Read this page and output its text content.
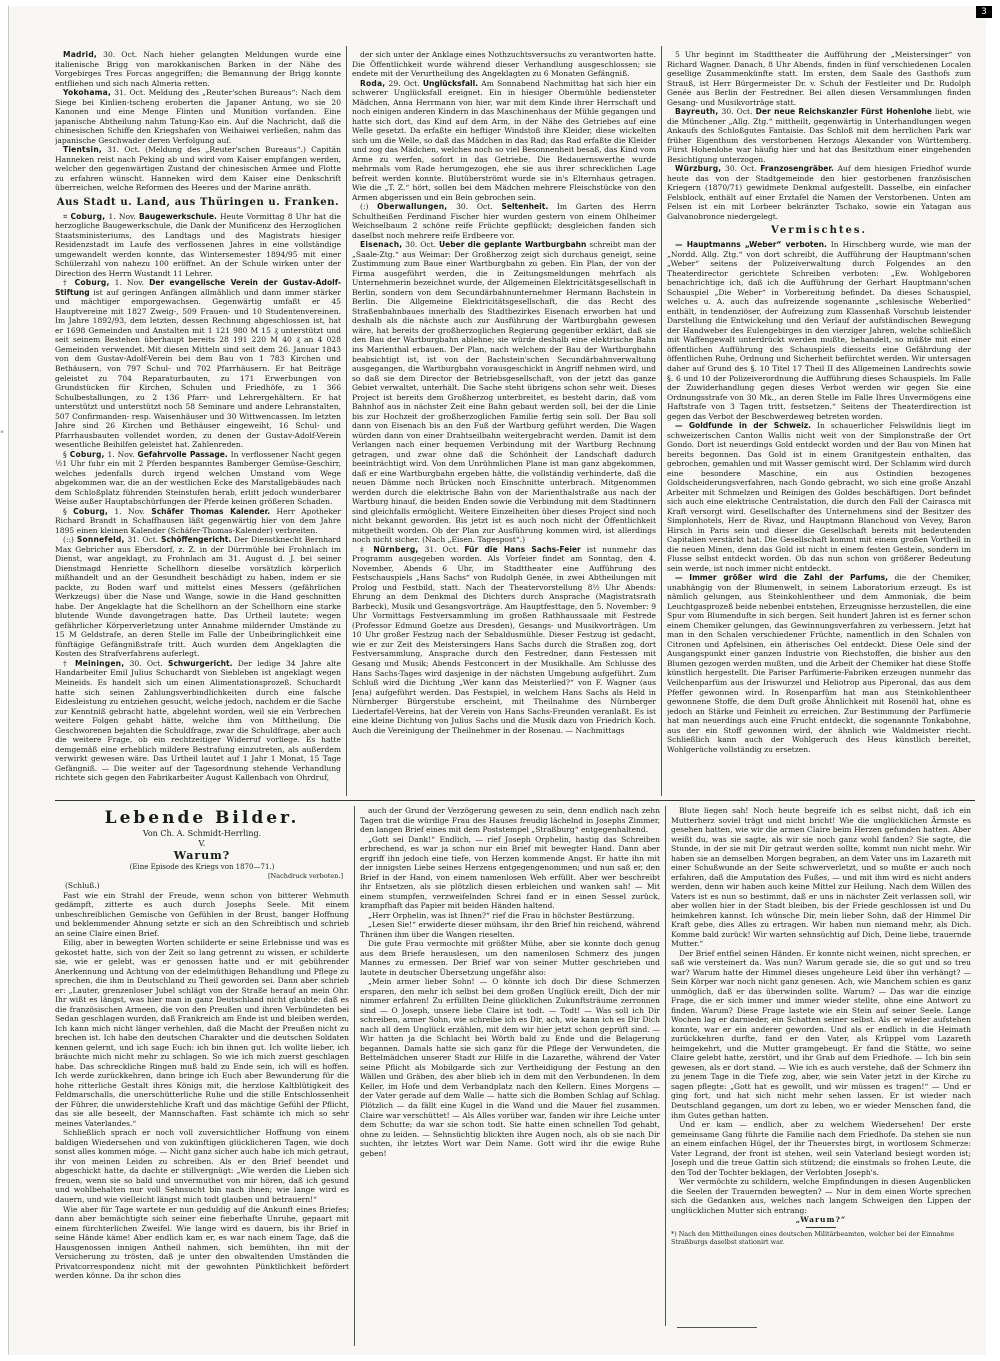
Madrid, 30. Oct. Nach hieher gelangten Meldungen wurde eine italienische Brigg von marokkanischen Barken in der Nähe des Vorgebirges Tres Forcas angegriffen; die Bemannung der Brigg konnte entfliehen und sich nach Almeria retten.

Yokohama, 31. Oct. Meldung des „Reuter'schen Bureaus“: Nach dem Siege bei Kinlien-tscheng eroberten die Japaner Antung, wo sie 20 Kanonen und eine Menge Flinten und Munition vorfanden. Eine japanische Abtheilung nahm Tatung-Kao ein. Auf die Nachricht, daß die chinesischen Schiffe den Kriegshafen von Weihaiwei verließen, nahm das japanische Geschwader deren Verfolgung auf.

Tientsin, 31. Oct. (Meldung des „Reuter'schen Bureaus“.) Capitän Hanneken reist nach Peking ab und wird vom Kaiser empfangen werden, welcher den gegenwärtigen Zustand der chinesischen Armee und Flotte zu erfahren wünscht. Hanneken wird dem Kaiser eine Denkschrift überreichen, welche Reformen des Heeres und der Marine anräth.

Aus Stadt u. Land, aus Thüringen u. Franken.

⌗ Coburg, 1. Nov. Baugewerkschule. Heute Vormittag 8 Uhr hat die herzogliche Baugewerkschule, die Dank der Munificenz des Herzoglichen Staatsministeriums, des Landtags und des Magistrats hiesiger Residenzstadt im Laufe des verflossenen Jahres in eine vollständige umgewandelt werden konnte, das Wintersemester 1894/95 mit einer Schülerzahl von nahezu 100 eröffnet. An der Schule wirken unter der Direction des Herrn Wustandt 11 Lehrer.

† Coburg, 1. Nov. Der evangelische Verein der Gustav-Adolf-Stiftung ist auf geringen Anfängen allmählich und dann immer stärker und mächtiger emporgewachsen. Gegenwärtig umfaßt er 45 Hauptvereine mit 1827 Zweig-, 509 Frauen- und 10 Studentenvereinen. Im Jahre 1892/93, dem letzten, dessen Rechnung abgeschlossen ist, hat er 1698 Gemeinden und Anstalten mit 1 121 980 M 15 ₰ unterstützt und seit seinem Bestehen überhaupt bereits 28 191 220 M 40 ₰ an 4 028 Gemeinden verwendet. Mit diesen Mitteln sind seit dem 26. Januar 1843 von dem Gustav-Adolf-Verein bei dem Bau von 1 783 Kirchen und Bethäusern, von 797 Schul- und 702 Pfarrhäusern. Er hat Beiträge geleistet zu 704 Reparaturbauten, zu 171 Erwerbungen von Grundstücken für Kirchen, Schulen und Friedhöfe, zu 1 366 Schulbestallungen, zu 2 136 Pfarr- und Lehrergehältern. Er hat unterstützt und unterstützt noch 58 Seminare und andere Lehranstalten, 507 Confirmanden- resp. Waisenhäuser und 30 Wittwencassen. Im letzten Jahre sind 26 Kirchen und Bethäuser eingeweiht, 16 Schul- und Pfarrhausbauten vollendet worden, zu denen der Gustav-Adolf-Verein wesentliche Beihilfen geleistet hat. Zahlenreden.

§ Coburg, 1. Nov. Gefahrvolle Passage. In verflossener Nacht gegen ½1 Uhr fuhr ein mit 2 Pferden bespanntes Bamberger Gemüse-Geschirr, welches jedenfalls durch irgend welchen Umstand vom Wege abgekommen war, die an der westlichen Ecke des Marstallgebäudes nach dem Schloßplatz führenden Steinstufen herab, erlitt jedoch wunderbarer Weise außer Hauptabschürfungen der Pferde keinen größeren Schaden.

§ Coburg, 1. Nov. Schäfer Thomas Kalender. Herr Apotheker Richard Brandt in Schaffhausen läßt gegenwärtig hier von dem Jahre 1895 einen kleinen Kalender (Schäfer-Thomas-Kalender) verbreiten.

(::) Sonnefeld, 31. Oct. Schöffengericht. Der Dienstknecht Bernhard Max Gebricher aus Ebersdorf, z. Z. in der Dürrmühle bei Frohnlach im Dienst, war angeklagt, zu Frohnlach am 31. August d. J. bei seiner Dienstmagd Henriette Schellhorn dieselbe vorsätzlich körperlich mißhandelt und an der Gesundheit beschädigt zu haben, indem er sie packte, zu Boden warf und mittelst eines Messers (gefährlichen Werkzeugs) über die Nase und Wange, sowie in die Hand geschnitten habe. Der Angeklagte hat die Schellhorn an der Schellhorn eine starke blutende Wunde davongetragen hatte. Das Urtheil lautete: wegen gefährlicher Körperverletzung unter Annahme mildernder Umstände zu 15 M Geldstrafe, an deren Stelle im Falle der Unbeibringlichkeit eine fünftägige Gefängnißstrafe tritt. Auch wurden dem Angeklagten die Kosten des Strafverfahrens auferlegt.

† Meiningen, 30. Oct. Schwurgericht. Der ledige 34 Jahre alte Handarbeiter Emil Julius Schuchardt von Siebleben ist angeklagt wegen Meineids. Es handelt sich um einen Alimentationsprozeß. Schuchardt hatte sich seinen Zahlungsverbindlichkeiten durch eine falsche Eidesleistung zu entziehen gesucht, welche jedoch, nachdem er die Sache zur Kenntniß gebracht hatte, abgelehnt worden, weil sie ein Verbrechen weitere Folgen gehabt hätte, welche ihm von Mittheilung. Die Geschworenen bejahten die Schuldfrage, zwar die Schuldfrage, aber auch die weitere Frage, ob ein rechtzeitiger Widerruf vorliege. Es hatte demgemäß eine erheblich mildere Bestrafung einzutreten, als außerdem verwirkt gewesen wäre. Das Urtheil lautet auf 1 Jahr 1 Monat, 15 Tage Gefängniß. — Die weiter auf der Tagesordnung stehende Verhandlung richtete sich gegen den Fabrikarbeiter August Kallenbach von Ohrdruf,

der sich unter der Anklage eines Nothzuchtsversuchs zu verantworten hatte. Die Öffentlichkeit wurde während dieser Verhandlung ausgeschlossen; sie endete mit der Verurtheilung des Angeklagten zu 6 Monaten Gefängniß.

Roda, 29. Oct. Unglücksfall. Am Sonnabend Nachmittag hat sich hier ein schwerer Unglücksfall ereignet. Ein in hiesiger Obermühle bediensteter Mädchen, Anna Herrmann von hier, war mit dem Kinde ihrer Herrschaft und noch einigen anderen Kindern in das Maschinenhaus der Mühle gegangen und hatte sich dort, das Kind auf dem Arm, in der Nähe des Getriebes auf eine Welle gesetzt. Da erfaßte ein heftiger Windstoß ihre Kleider, diese wickelten sich um die Welle, so daß das Mädchen in das Rad; das Rad erfaßte die Kleider und zog das Mädchen, welches noch so viel Besonnenheit besaß, das Kind vom Arme zu werfen, sofort in das Getriebe. Die Bedauernswerthe wurde mehrmals vom Rade herumgezogen, ehe sie aus ihrer schrecklichen Lage befreit werden konnte. Blutüberströmt wurde sie in's Elternhaus getragen. Wie die „T. Z.“ hört, sollen bei dem Mädchen mehrere Fleischstücke von den Armen abgerissen und ein Bein gebrochen sein.

(:) Oberwallungen, 30. Oct. Seltenheit. Im Garten des Herrn Schultheißen Ferdinand Fischer hier wurden gestern von einem Ohlheimer Weichselbaum 2 schöne reife Früchte gepflückt; desgleichen fanden sich daselbst noch mehrere reife Erdbeere vor.

Eisenach, 30. Oct. Ueber die geplante Wartburgbahn schreibt man der „Saale-Ztg.“ aus Weimar: Der Großherzog zeigt sich durchaus geneigt, seine Zustimmung zum Baue einer Wartburgbahn zu geben. Ein Plan, der von der Firma ausgeführt werden, die in Zeitungsmeldungen mehrfach als Unternehmerin bezeichnet wurde, der Allgemeinen Elektricitätsgesellschaft in Berlin, sondern von dem Secundärbahnunternehmer Hermann Bachstein in Berlin. Die Allgemeine Elektricitätsgesellschaft, die das Recht des Straßenbahnbaues innerhalb des Stadtbezirkes Eisenach erworben hat und deshalb als die nächste auch zur Ausführung der Wartburgbahn gewesen wäre, hat bereits der großherzoglichen Regierung gegenüber erklärt, daß sie den Bau der Wartburgbahn ablehne; sie würde deshalb eine elektrische Bahn ins Marienthal erbauen. Der Plan, nach welchem der Bau der Wartburgbahn beabsichtigt ist, ist von der Bachstein'schen Secundärbahnverwaltung ausgegangen, die Wartburgbahn vorausgeschickt in Angriff nehmen wird, und so daß sie dem Director der Betriebsgesellschaft, von der jetzt das ganze Gebiet verwaltet, unterhält. Die Sache steht übrigens schon sehr weit. Dieses Project ist bereits dem Großherzog unterbreitet, es besteht darin, daß vom Bahnhof aus in nächster Zeit eine Bahn gebaut werden soll, bei der die Linie bis zur Hochzeit der großherzoglichen Familie fertig sein soll. Der Bau soll dann von Eisenach bis an den Fuß der Wartburg geführt werden. Die Wagen würden dann von einer Drahtseilbahn weitergebracht werden. Damit ist dem Verlangen nach einer bequemen Verbindung mit der Wartburg Rechnung getragen, und zwar ohne daß die Schönheit der Landschaft dadurch beeinträchtigt wird. Von dem Unrühmlichen Plane ist man ganz abgekommen, daß er eine Wartburgbahn ergeben hätte, die vollständig verhinderte, daß die neuen Dämme noch Brücken noch Einschnitte unterbrach. Mitgenommen werden durch die elektrische Bahn von der Marienthalstraße aus nach der Wartburg hinauf, die beiden Enden sowie die Verbindung mit dem Stadtinnern sind gleichfalls ermöglicht. Weitere Einzelheiten über dieses Project sind noch nicht bekannt geworden. Bis jetzt ist es auch noch nicht der Öffentlichkeit mitgetheilt worden. Ob der Plan zur Ausführung kommen wird, ist allerdings noch nicht sicher. (Nach „Eisen. Tagespost“.)

‡ Nürnberg, 31. Oct. Für die Hans Sachs-Feier ist nunmehr das Programm ausgegeben worden. Als Vorfeier findet am Sonntag, den 4. November, Abends 6 Uhr, im Stadttheater eine Aufführung des Festschauspiels „Hans Sachs“ von Rudolph Genée, in zwei Abtheilungen mit Prolog und Festbild, statt. Nach der Theatervorstellung 8½ Uhr Abends: Ehrung an dem Denkmal des Dichters durch Ansprache (Magistratsrath Barbeck), Musik und Gesangsvorträge. Am Hauptfesttage, den 5. November: 9 Uhr Vormittags Festversammlung im großen Rathhaussaale mit Festrede (Professor Edmund Goetze aus Dresden), Gesangs- und Musikvorträgen. Um 10 Uhr großer Festzug nach der Sebaldusmühle. Dieser Festzug ist gedacht, wie er zur Zeit des Meistersingers Hans Sachs durch die Straßen zog, dort Festversammlung, Ansprache durch den Festredner, dann Festessen mit Gesang und Musik; Abends Festconcert in der Musikhalle. Am Schlusse des Hans Sachs-Tages wird dasjenige in der nächsten Umgebung aufgeführt. Zum Schluß wird die Dichtung „Wer kann das Meisterlied?“ von F. Wagner (aus Jena) aufgeführt werden. Das Festspiel, in welchem Hans Sachs als Held in Nürnberger Bürgerstube erscheint, mit Theilnahme des Nürnberger Liedertafel-Vereins, hat der Verein von Hans Sachs-Freunden veranlaßt. Es ist eine kleine Dichtung von Julius Sachs und die Musik dazu von Friedrich Koch. Auch die Vereinigung der Theilnehmer in der Rosenau. — Nachmittags

5 Uhr beginnt im Stadttheater die Aufführung der „Meistersinger“ von Richard Wagner. Danach, 8 Uhr Abends, finden in fünf verschiedenen Localen gesellige Zusammenkünfte statt. Im ersten, dem Saale des Gasthofs zum Strauß, ist Herr Bürgermeister Dr. v. Schuh der Festleiter und Dr. Rudolph Genée aus Berlin der Festredner. Bei allen diesen Versammlungen finden Gesang- und Musikvorträge statt.

Bayreuth, 30. Oct. Der neue Reichskanzler Fürst Hohenlohe liebt, wie die Münchener „Allg. Ztg.“ mittheilt, gegenwärtig in Unterhandlungen wegen Ankaufs des Schloßgutes Fantaisie. Das Schloß mit dem herrlichen Park war früher Eigenthum des verstorbenen Herzogs Alexander von Württemberg. Fürst Hohenlohe war häufig hier und hat das Besitzthum einer eingehenden Besichtigung unterzogen.

Würzburg, 30. Oct. Franzosengräber. Auf dem hiesigen Friedhof wurde heute das von der Stadtgemeinde den hier gestorbenen französischen Kriegern (1870/71) gewidmete Denkmal aufgestellt. Dasselbe, ein einfacher Felsblock, enthält auf einer Erztafel die Namen der Verstorbenen. Unten am Felsen ist ein mit Lorbeer bekränzter Tschako, sowie ein Yatagan aus Galvanobronce niedergelegt.

Vermischtes.

— Hauptmanns „Weber“ verboten. In Hirschberg wurde, wie man der „Nordd. Allg. Ztg.“ von dort schreibt, die Aufführung der Hauptmann'schen „Weber“ seitens der Polizeiverwaltung durch Folgendes an den Theaterdirector gerichtete Schreiben verboten: „Ew. Wohlgeboren benachrichtige ich, daß ich die Aufführung der Gerhart Hauptmann'schen Schauspiel „Die Weber“ in Vorbereitung befindet. Da dieses Schauspiel, welches u. A. auch das aufreizende sogenannte „schlesische Weberlied“ enthält, in tendenziöser, der Aufreizung zum Klassenhaß Vorschub leistender Darstellung die Entwickelung und den Verlauf der aufständischen Bewegung der Handweber des Eulengebirges in den vierziger Jahren, welche schließlich mit Waffengewalt unterdrückt werden mußte, behandelt, so müßte mit einer öffentlichen Aufführung des Schauspiels diesseits eine Gefährdung der öffentlichen Ruhe, Ordnung und Sicherheit befürchtet werden. Wir untersagen daher auf Grund des §. 10 Titel 17 Theil II des Allgemeinen Landrechts sowie §. 6 und 10 der Polizeiverordnung die Aufführung dieses Schauspiels. Im Falle der Zuwiderhandlung gegen dieses Verbot werden wir gegen Sie eine Ordnungsstrafe von 30 Mk., an deren Stelle im Falle Ihres Unvermögens eine Haftstrafe von 3 Tagen tritt, festsetzen.“ Seitens der Theaterdirection ist gegen das Verbot der Beschwerdeweg betreten worden.

— Goldfunde in der Schweiz. In schauerlicher Felswildnis liegt im schweizerischen Canton Wallis nicht weit von der Simplonstraße der Ort Gondo. Dort ist neuerdings Gold entdeckt worden und der Bau von Minen hat bereits begonnen. Das Gold ist in einem Granitgestein enthalten, das gebrochen, gemahlen und mit Wasser gemischt wird. Der Schlamm wird durch eine besondere Maschine, ein aus Ostindien bezogenes Goldscheiderungsverfahren, nach Gondo gebracht, wo sich eine große Anzahl Arbeiter mit Schmelzen und Reinigen des Goldes beschäftigen. Dort befindet sich auch eine elektrische Centralstation, die durch den Fall der Cairasca mit Kraft versorgt wird. Gesellschafter des Unternehmens sind der Besitzer des Simplonhotels, Herr de Rivaz, und Hauptmann Blanchoud von Vevey, Baron Hirsch in Paris sein und dieser die Gesellschaft bereits mit bedeutenden Capitalien verstärkt hat. Die Gesellschaft kommt mit einem großen Vortheil in die neuen Minen, denn das Gold ist nicht in einem festen Gestein, sondern im Flusse selbst entdeckt worden. Ob das nun schon von größerer Bedeutung sein werde, ist noch immer nicht entdeckt.

— Immer größer wird die Zahl der Parfums, die der Chemiker, unabhängig von der Blumenwelt, in seinem Laboratorium erzeugt. Es ist nämlich gelungen, aus Steinkohlentheer und dem Ammoniak, die beim Leuchtgasprozeß beide nebenbei entstehen, Erzeugnisse herzustellen, die eine Spur vom Blumendufte in sich bergen. Seit hundert Jahren ist es ferner schon einem Chemiker gelungen, das Gewinnungsverfahren zu verbessern. Jetzt hat man in den Schalen verschiedener Früchte, namentlich in den Schalen von Citronen und Apfelsinen, ein ätherisches Oel entdeckt. Diese Oele sind der Ausgangspunkt einer ganzen Industrie von Riechstoffen, die bisher aus den Blumen gezogen werden mußten, und die Arbeit der Chemiker hat diese Stoffe künstlich hergestellt. Die Pariser Parfümerie-Fabriken erzeugen nunmehr das Veilchenparfüm aus der Iriswurzel und Heliotrop aus Piperonal, das aus dem Pfeffer gewonnen wird. In Rosenparfüm hat man aus Steinkohlentheer gewonnene Stoffe, die dem Duft große Ähnlichkeit mit Rosenöl hat, ohne es jedoch an Stärke und Feinheit zu erreichen. Zur Bestimmung der Parfümerie hat man neuerdings auch eine Frucht entdeckt, die sogenannte Tonkabohne, aus der ein Stoff gewonnen wird, der ähnlich wie Waldmeister riecht. Schließlich kann auch der Wohlgeruch des Heus künstlich bereitet, Wohlgerüche vollständig zu ersetzen.

Lebende Bilder.
Von Ch. A. Schmidt-Herrling.
V.
Warum?
(Eine Episode des Kriegs von 1870—71.)
[Nachdruck verboten.]
(Schluß.)

Fast wie ein Strahl der Freude, wenn schon von bitterer Wehmuth gedämpft, zitterte es auch durch Josephs Seele. Mit einem unbeschreiblichen Gemische von Gefühlen in der Brust, banger Hoffnung und beklemmender Ahnung setzte er sich an den Schreibtisch und schrieb an seine Claire einen Brief.

Eilig, aber in bewegten Worten schilderte er seine Erlebnisse und was es gekostet hatte, sich von der Zeit so lang getrennt zu wissen, er schilderte sie, wie er gelebt, was er genossen hatte und er mit gebührender Anerkennung und Achtung von der edelmüthigen Behandlung und Pflege zu sprechen, die ihm in Deutschland zu Theil geworden sei. Dann aber schrieb er: „Lauter, grenzenloser Jubel schlägt von der Straße herauf an mein Ohr. Ihr wißt es längst, was hier man in ganz Deutschland nicht glaubte: daß es die französischen Armeen, die von den Preußen und ihren Verbündeten bei Sedan geschlagen wurden, daß Frankreich am Ende ist und bleiben werden, Ich kann mich nicht länger verhehlen, daß die Macht der Preußen nicht zu brechen ist. Ich habe den deutschen Charakter und die deutschen Soldaten kennen gelernt, und ich sage Euch: ich bin ihnen gut. Ich wollte lieber, ich bräuchte mich nicht mehr zu schlagen. So wie ich mich zuerst geschlagen habe. Das schreckliche Ringen muß bald zu Ende sein, ich will es hoffen. Ich werde zurückkehren, dann bringe ich Euch aber Bewunderung für die hohe ritterliche Gestalt ihres Königs mit, die herzlose Kaltblütigkeit des Feldmarschalls, die unerschütterliche Ruhe und die stille Entschlossenheit der Führer, die unwiderstehliche Kraft und das mächtige Gefühl der Pflicht, das sie alle beseelt, der Mannschaften. Fast schämte ich mich so sehr meines Vaterlandes.“

Schließlich sprach er noch voll zuversichtlicher Hoffnung von einem baldigen Wiedersehen und von zukünftigen glücklicheren Tagen, wie doch sonst alles kommen möge. — Nicht ganz sicher auch habe ich mich getraut, ihr von meinen Leiden zu schreiben. Als er den Brief beendet und abgeschickt hatte, da dachte er stillvergnügt: „Wie werden die Lieben sich freuen, wenn sie so bald und unvermuthet von mir hören, daß ich gesund und wohlbehalten nur voll Sehnsucht bin nach ihnen; wie lange wird es dauern, und wie vielleicht längst mich todt glauben und betrauern!“

Wie aber für Tage wartete er nun geduldig auf die Ankunft eines Briefes; dann aber bemächtigte sich seiner eine fieberhafte Unruhe, gepaart mit einem fürchterlichen Zweifel. Wie lange wird es dauern, bis ihr Brief in seine Hände käme! Aber endlich kam er, es war nach einem Tage, daß die Hausgenossen innigen Antheil nahmen, sich bemühten, ihn mit der Versicherung zu trösten, daß je unter den obwaltenden Umständen die Privatcorrespondenz nicht mit der gewohnten Pünktlichkeit befördert werden könne. Da ihr schon dies

auch der Grund der Verzögerung gewesen zu sein, denn endlich nach zehn Tagen trat die würdige Frau des Hauses freudig lächelnd in Josephs Zimmer, den langen Brief eines mit dem Poststempel „Straßburg“ entgegenhaltend.

„Gott sei Dank!“ Endlich, — rief Joseph Orphelin, hastig das Schreiben erbrechend, es war ja schon nur ein Brief mit bewegter Hand. Dann aber ergriff ihn jedoch eine tiefe, von Herzen kommende Angst. Er hatte ihn mit der innigsten Liebe seines Herzens entgegengenommen; und nun saß er, den Brief in der Hand, von einem namenlosen Weh erfüllt. Aber wer beschreibt ihr Entsetzen, als sie plötzlich diesen erbleichen und wanken sah! — Mit einem stumpfen, verzweifelnden Schrei fand er in einen Sessel zurück, krampfhaft das Papier mit beiden Händen haltend.

„Herr Orphelin, was ist Ihnen?“ rief die Frau in höchster Bestürzung.

„Lesen Sie!“ erwiderte dieser mühsam, ihr den Brief hin reichend, während Thränen ihm über die Wangen rieselten.

Die gute Frau vermochte mit größter Mühe, aber sie konnte doch genug aus dem Briefe herauslesen, um den namenlosen Schmerz des jungen Mannes zu ermessen. Der Brief war von seiner Mutter geschrieben und lautete in deutscher Übersetzung ungefähr also:

„Mein armer lieber Sohn! — O könnte ich doch Dir diese Schmerzen ersparen, den mehr ich selbst bei dem großen Unglück ereilt, Dich der mir nimmer erfahren! Zu erfüllten Deine glücklichen Zukunftsträume zerronnen sind — O Joseph, unsere liebe Claire ist todt. — Todt! — Was soll ich Dir schreiben, armer Sohn, wie schreibe ich es Dir, ach, wie kann ich es Dir Dich nach all dem Unglück erzählen, mit dem wir hier jetzt schon geprüft sind. — Wir hatten ja die Schlacht bei Wörth bald zu Ende und die Belagerung begannen. Damals hatte sie sich ganz für die Pflege der Verwundeten, die Bettelmädchen unserer Stadt zur Hilfe in die Lazarethe, während der Vater seine Pflicht als Mobilgarde sich zur Vertheidigung der Festung an den Wällen und Gräben, des aber blieb ich in dem mit den Verbundenen. In dem Keller, im Hofe und dem Verbandplatz nach den Kellern. Eines Morgens — der Vater gerade auf dem Walle — hatte sich die Bomben Schlag auf Schlag. Plötzlich — da fällt eine Kugel in die Wand und die Mauer fiel zusammen. Claire war verschüttet! — Als Alles vorüber war, fanden wir ihre Leiche unter dem Schutte; da war sie schon todt. Sie hatte einen schnellen Tod gehabt, ohne zu leiden. — Sehnsüchtig blickten ihre Augen noch, als ob sie nach Dir suchten, ihr letztes Wort war Dein Name. Gott wird ihr die ewige Ruhe geben!

Blute liegen sah! Noch heute begreife ich es selbst nicht, daß ich ein Mutterherz soviel trägt und nicht bricht! Wie die unglücklichen Ärmste es gesehen hatten, wie wir die armen Claire beim Herzen gefunden hatten. Aber weißt du, was sie sagte, als wir sie noch ganz wohl fanden? Sie sagte, die Stunde, in der sie mit Dir getraut werden sollte, kommt nun nicht mehr. Wir haben sie an demselben Morgen begraben, an dem Vater uns im Lazareth mit einer Schußwunde an der Seite schwerverletzt, und so mußte er auch noch erfahren, daß die Amputation des Fußes, — und mit ihm wird es nicht anders werden, denn wir haben auch keine Mittel zur Heilung. Nach dem Willen des Vaters ist es nun so bestimmt, daß er uns in nächster Zeit verlassen soll, wir aber wollen hier in der Stadt bleiben, bis der Friede geschlossen ist und Du heimkehren kannst. Ich wünsche Dir, mein lieber Sohn, daß der Himmel Dir Kraft gebe, dies Alles zu ertragen. Wir haben nun niemand mehr, als Dich. Komme bald zurück! Wir warten sehnsüchtig auf Dich, Deine liebe, trauernde Mutter.“

Der Brief entfiel seinen Händen. Er konnte nicht weinen, nicht sprechen, er saß wie versteinert da. Was nun? Warum gerade sie, die so gut und so treu war? Warum hatte der Himmel dieses ungeheure Leid über ihn verhängt? — Sein Körper war noch nicht ganz genesen. Ach, wie Manchem schien es ganz unmöglich, daß er das überwinden sollte. Warum? — Das war die einzige Frage, die er sich immer und immer wieder stellte, ohne eine Antwort zu finden. Warum? Diese Frage lastete wie ein Stein auf seiner Seele. Lange Wochen lag er darnieder, ein Schatten seiner selbst. Als er wieder aufstehen konnte, war er ein anderer geworden. Und als er endlich in die Heimath zurückkehren durfte, fand er den Vater, als Krüppel vom Lazareth heimgekehrt, und die Mutter gramgebeugt. Er fand die Stätte, wo seine Claire gelebt hatte, zerstört, und ihr Grab auf dem Friedhofe. — Ich bin sein gewesen, als er dort stand. — Wie ich es auch verstehe, daß der Schmerz ihn zu jenem Tage in die Tiefe zog, aber, wie sein Vater jetzt in der Kirche zu sagen pflegte: „Gott hat es gewollt, und wir müssen es tragen!“ — Und er ging fort, und hat sich nicht mehr sehen lassen. Er ist wieder nach Deutschland gegangen, um dort zu leben, wo er wieder Menschen fand, die ihm Gutes gethan hatten.

Und er kam — endlich, aber zu welchem Wiedersehen! Der erste gemeinsame Gang führte die Familie nach dem Friedhofe. Da stehen sie nun an einem einfachen Hügel, der ihr Theuerstes birgt, in wortlosem Schmerze: Vater Legrand, der front ist stehen, weil sein Vaterland besiegt worden ist; Joseph und die treue Gattin sich stützend; die einstmals so frohen Leute, die den Tod der Tochter beklagen, der Verlobten Joseph's.

Wer vermöchte zu schildern, welche Empfindungen in diesen Augenblicken die Seelen der Trauernden bewegten? — Nur in dem einen Worte sprechen sich die Gedanken aus, welches nach langem Schweigen den Lippen der unglücklichen Mutter sich entrang:

„Warum?“
*) Nach den Mittheilungen eines deutschen Militärbeamten, welcher bei der Einnahme Straßburgs daselbst stationirt war.
3
"
